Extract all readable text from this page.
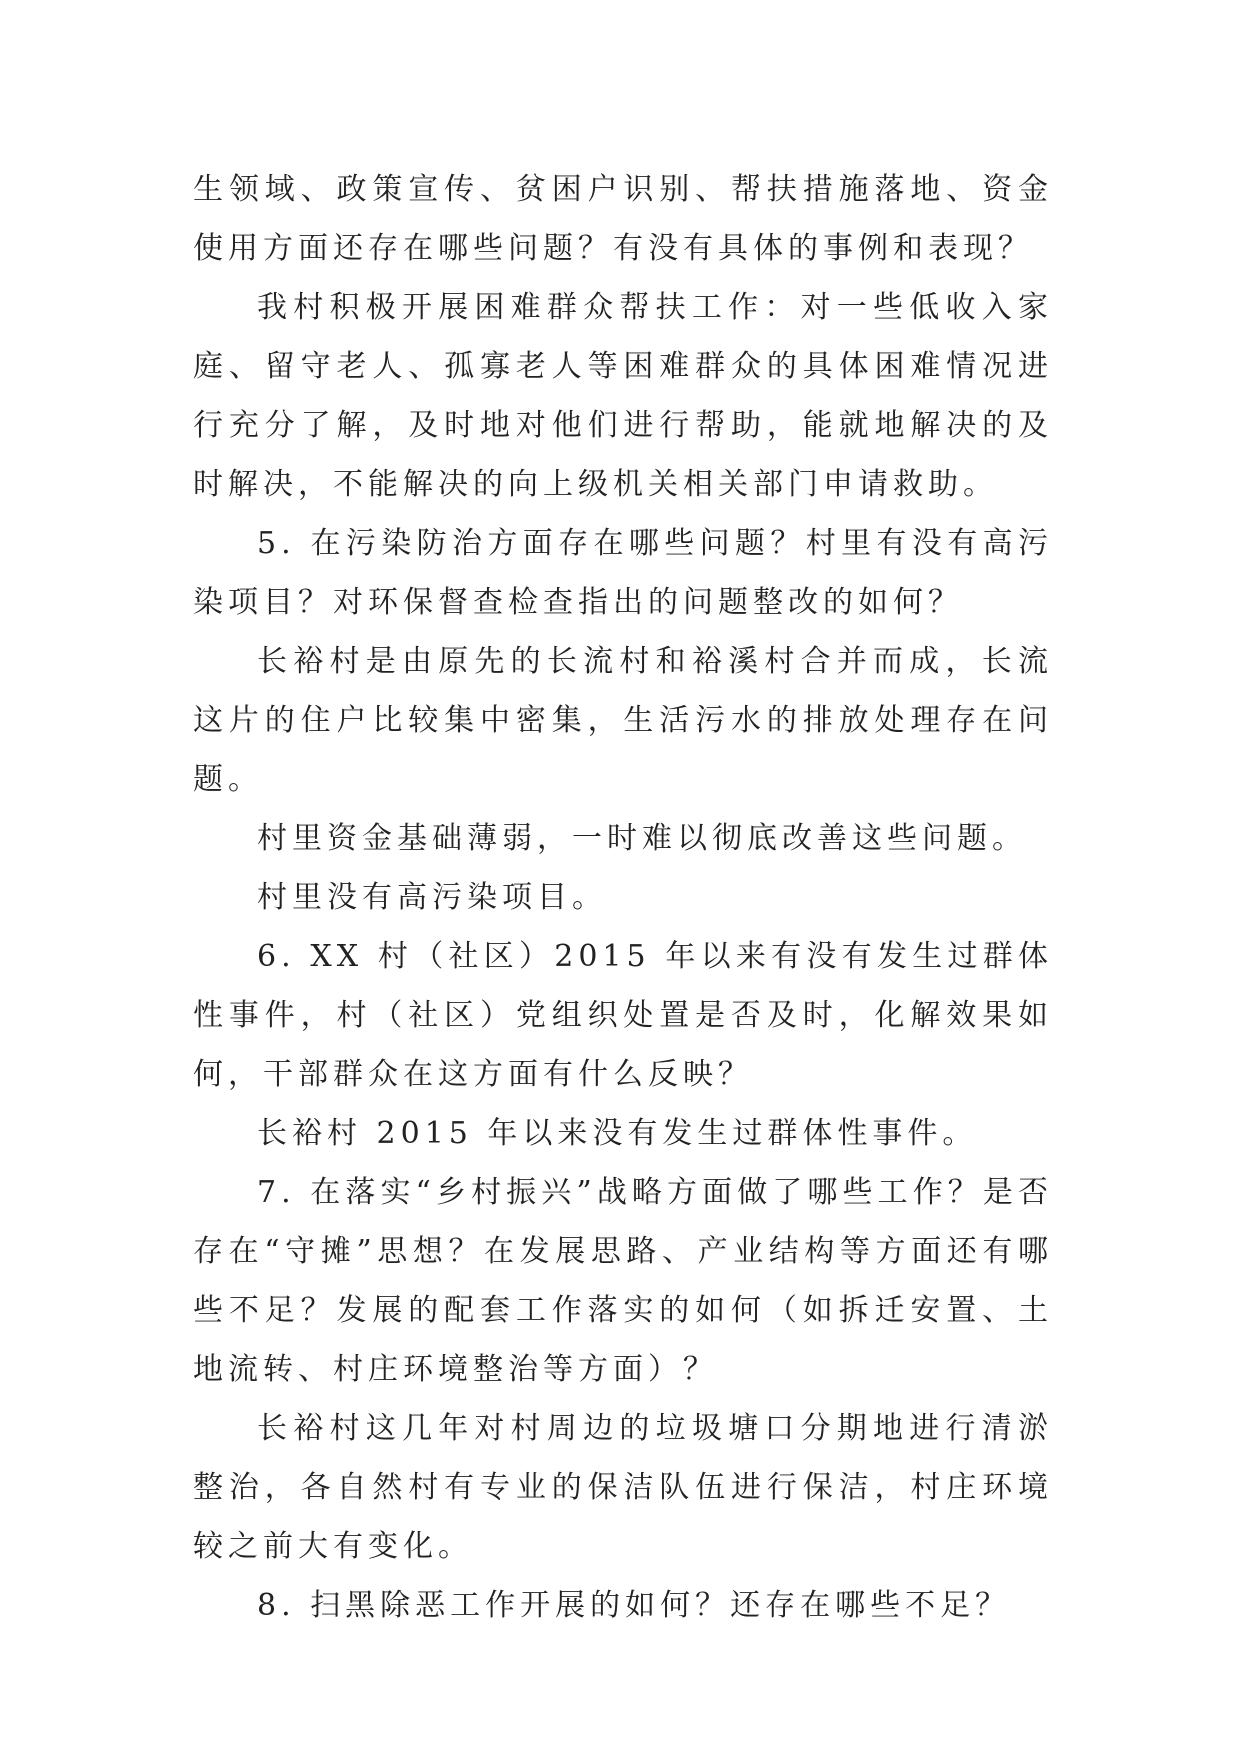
生领域、政策宣传、贫困户识别、帮扶措施落地、资金使用方面还存在哪些问题？有没有具体的事例和表现？

我村积极开展困难群众帮扶工作：对一些低收入家庭、留守老人、孤寡老人等困难群众的具体困难情况进行充分了解，及时地对他们进行帮助，能就地解决的及时解决，不能解决的向上级机关相关部门申请救助。

5. 在污染防治方面存在哪些问题？村里有没有高污染项目？对环保督查检查指出的问题整改的如何？

长裕村是由原先的长流村和裕溪村合并而成，长流这片的住户比较集中密集，生活污水的排放处理存在问题。

村里资金基础薄弱，一时难以彻底改善这些问题。

村里没有高污染项目。

6. XX 村（社区）2015 年以来有没有发生过群体性事件，村（社区）党组织处置是否及时，化解效果如何，干部群众在这方面有什么反映？

长裕村 2015 年以来没有发生过群体性事件。

7. 在落实“乡村振兴”战略方面做了哪些工作？是否存在“守摊”思想？在发展思路、产业结构等方面还有哪些不足？发展的配套工作落实的如何（如拆迁安置、土地流转、村庄环境整治等方面）？

长裕村这几年对村周边的垃圾塘口分期地进行清淤整治，各自然村有专业的保洁队伍进行保洁，村庄环境较之前大有变化。

8. 扫黑除恶工作开展的如何？还存在哪些不足？
